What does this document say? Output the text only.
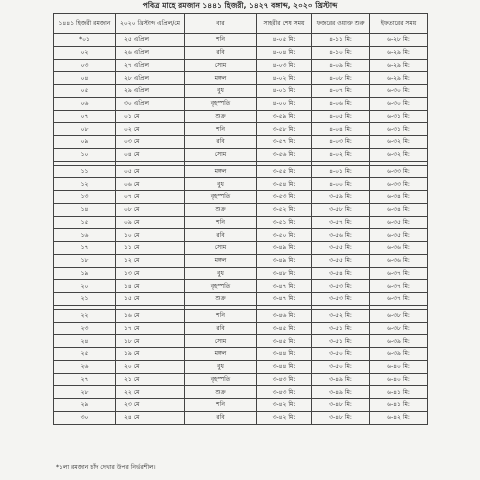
পবিত্র মাহে রমজান ১৪৪১ হিজরী, ১৪২৭ বঙ্গাব্দ, ২০২০ খ্রিস্টাব্দ
১৪৪১ হিজরী রমজান	২০২০ খ্রিস্টাব্দ এপ্রিল/মে	বার	সাহরীর শেষ সময়	ফজরের ওয়াক্ত শুরু	ইফতারের সময়
*০১	২৫ এপ্রিল	শনি	৪-০৫ মি:	৪-১১ মি:	৬-২৮ মি:
০২	২৬ এপ্রিল	রবি	৪-০৪ মি:	৪-১০ মি:	৬-২৯ মি:
০৩	২৭ এপ্রিল	সোম	৪-০৩ মি:	৪-০৯ মি:	৬-২৯ মি:
০৪	২৮ এপ্রিল	মঙ্গল	৪-০২ মি:	৪-০৮ মি:	৬-২৯ মি:
০৫	২৯ এপ্রিল	বুধ	৪-০১ মি:	৪-০৭ মি:	৬-৩০ মি:
০৬	৩০ এপ্রিল	বৃহস্পতি	৪-০০ মি:	৪-০৬ মি:	৬-৩০ মি:
০৭	০১ মে	শুক্র	৩-৫৯ মি:	৪-০৫ মি:	৬-৩১ মি:
০৮	০২ মে	শনি	৩-৫৮ মি:	৪-০৪ মি:	৬-৩১ মি:
০৯	০৩ মে	রবি	৩-৫৭ মি:	৪-০৩ মি:	৬-৩২ মি:
১০	০৪ মে	সোম	৩-৫৬ মি:	৪-০২ মি:	৬-৩২ মি:

১১	০৫ মে	মঙ্গল	৩-৫৫ মি:	৪-০১ মি:	৬-৩৩ মি:
১২	০৬ মে	বুধ	৩-৫৪ মি:	৪-০০ মি:	৬-৩৩ মি:
১৩	০৭ মে	বৃহস্পতি	৩-৫৩ মি:	৩-৫৯ মি:	৬-৩৪ মি:
১৪	০৮ মে	শুক্র	৩-৫২ মি:	৩-৫৮ মি:	৬-৩৪ মি:
১৫	০৯ মে	শনি	৩-৫১ মি:	৩-৫৭ মি:	৬-৩৫ মি:
১৬	১০ মে	রবি	৩-৫০ মি:	৩-৫৬ মি:	৬-৩৫ মি:
১৭	১১ মে	সোম	৩-৪৯ মি:	৩-৫৫ মি:	৬-৩৬ মি:
১৮	১২ মে	মঙ্গল	৩-৪৯ মি:	৩-৫৫ মি:	৬-৩৬ মি:
১৯	১৩ মে	বুধ	৩-৪৮ মি:	৩-৫৪ মি:	৬-৩৭ মি:
২০	১৪ মে	বৃহস্পতি	৩-৪৭ মি:	৩-৫৩ মি:	৬-৩৭ মি:
২১	১৫ মে	শুক্র	৩-৪৭ মি:	৩-৫৩ মি:	৬-৩৭ মি:

২২	১৬ মে	শনি	৩-৪৬ মি:	৩-৫২ মি:	৬-৩৮ মি:
২৩	১৭ মে	রবি	৩-৪৫ মি:	৩-৫১ মি:	৬-৩৮ মি:
২৪	১৮ মে	সোম	৩-৪৫ মি:	৩-৫১ মি:	৬-৩৯ মি:
২৫	১৯ মে	মঙ্গল	৩-৪৪ মি:	৩-৫০ মি:	৬-৩৯ মি:
২৬	২০ মে	বুধ	৩-৪৪ মি:	৩-৫০ মি:	৬-৪০ মি:
২৭	২১ মে	বৃহস্পতি	৩-৪৩ মি:	৩-৪৯ মি:	৬-৪০ মি:
২৮	২২ মে	শুক্র	৩-৪৩ মি:	৩-৪৯ মি:	৬-৪১ মি:
২৯	২৩ মে	শনি	৩-৪২ মি:	৩-৪৮ মি:	৬-৪১ মি:
৩০	২৪ মে	রবি	৩-৪২ মি:	৩-৪৮ মি:	৬-৪২ মি:
*১লা রমজান চাঁদ দেখার উপর নির্ভরশীল।
